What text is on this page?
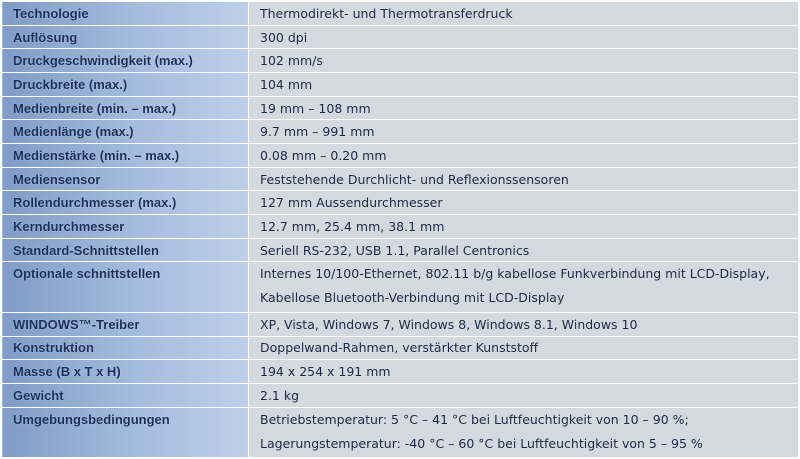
Technologie	Thermodirekt- und Thermotransferdruck
Auflösung	300 dpi
Druckgeschwindigkeit (max.)	102 mm/s
Druckbreite (max.)	104 mm
Medienbreite (min. – max.)	19 mm – 108 mm
Medienlänge (max.)	9.7 mm – 991 mm
Medienstärke (min. – max.)	0.08 mm – 0.20 mm
Mediensensor	Feststehende Durchlicht- und Reflexionssensoren
Rollendurchmesser (max.)	127 mm Aussendurchmesser
Kerndurchmesser	12.7 mm, 25.4 mm, 38.1 mm
Standard-Schnittstellen	Seriell RS-232, USB 1.1, Parallel Centronics
Optionale schnittstellen	Internes 10/100-Ethernet, 802.11 b/g kabellose Funkverbindung mit LCD-Display,
Kabellose Bluetooth-Verbindung mit LCD-Display

WINDOWS™-Treiber	XP, Vista, Windows 7, Windows 8, Windows 8.1, Windows 10
Konstruktion	Doppelwand-Rahmen, verstärkter Kunststoff
Masse (B x T x H)	194 x 254 x 191 mm
Gewicht	2.1 kg
Umgebungsbedingungen	Betriebstemperatur: 5 °C – 41 °C bei Luftfeuchtigkeit von 10 – 90 %;
Lagerungstemperatur: -40 °C – 60 °C bei Luftfeuchtigkeit von 5 – 95 %
